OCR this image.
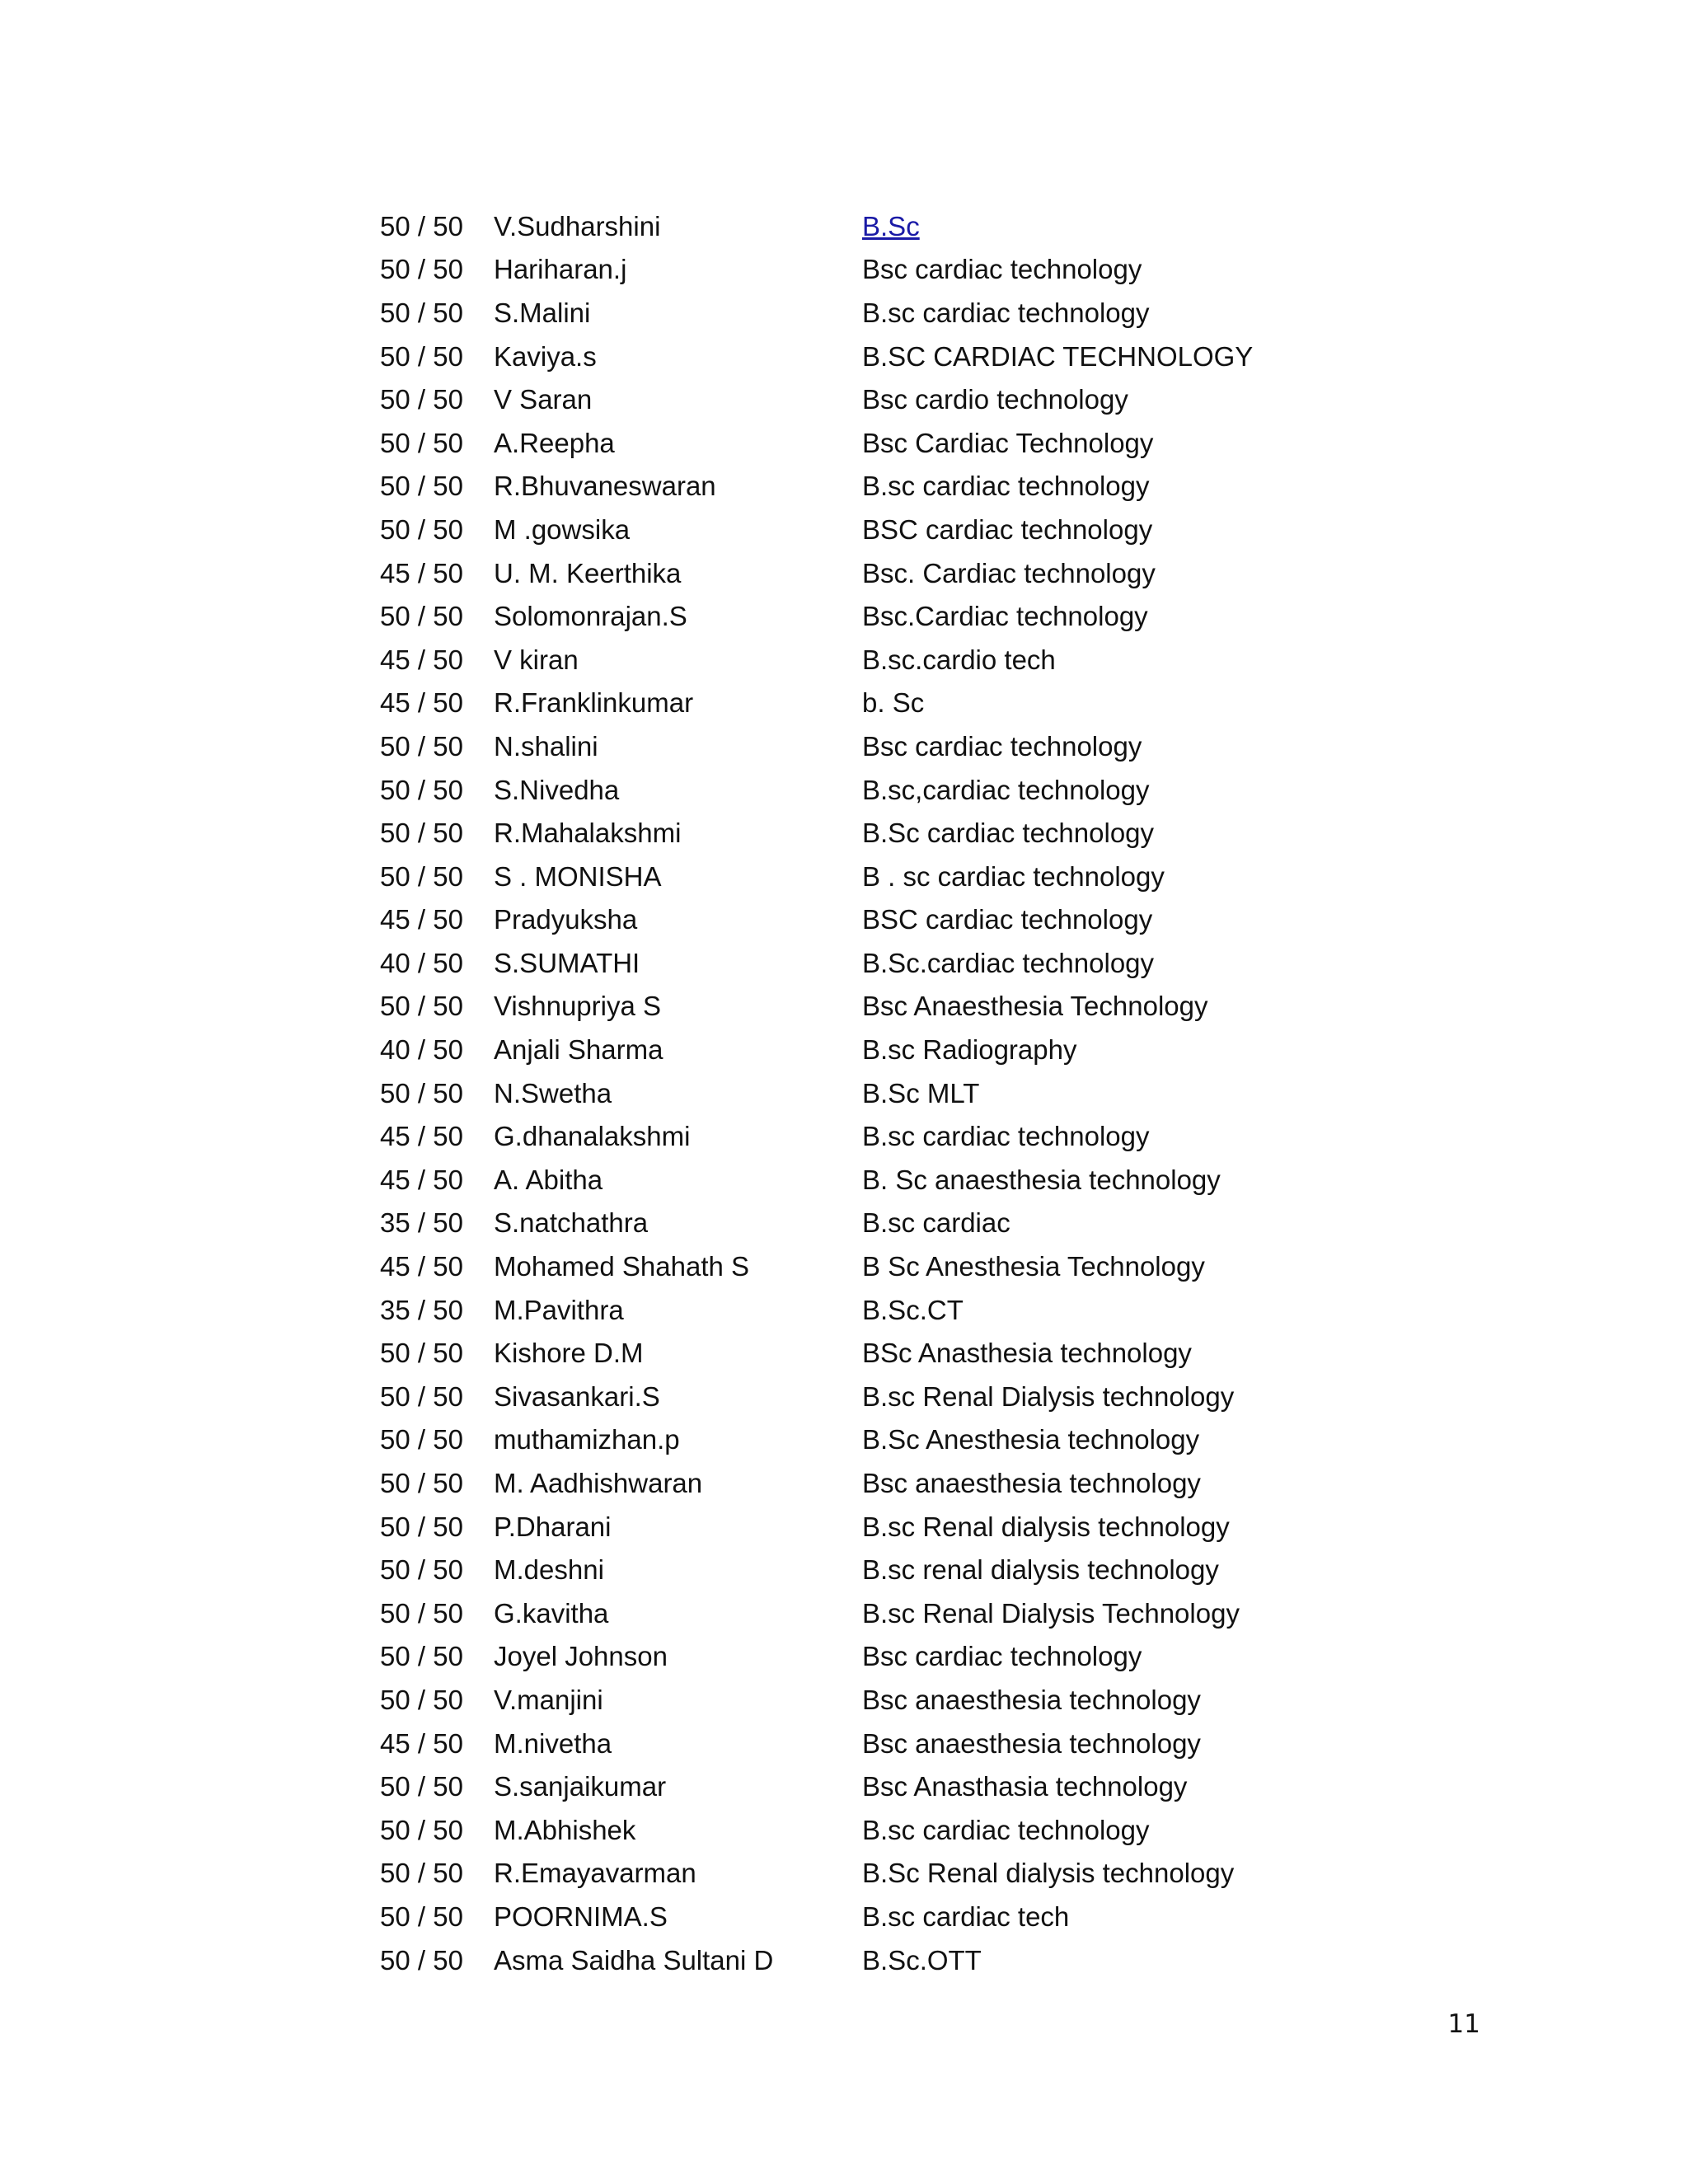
50 / 50	V.Sudharshini	B.Sc
50 / 50	Hariharan.j	Bsc cardiac technology
50 / 50	S.Malini	B.sc cardiac technology
50 / 50	Kaviya.s	B.SC CARDIAC TECHNOLOGY
50 / 50	V Saran	Bsc cardio technology
50 / 50	A.Reepha	Bsc Cardiac Technology
50 / 50	R.Bhuvaneswaran	B.sc cardiac technology
50 / 50	M .gowsika	BSC cardiac technology
45 / 50	U. M. Keerthika	Bsc. Cardiac technology
50 / 50	Solomonrajan.S	Bsc.Cardiac technology
45 / 50	V kiran	B.sc.cardio tech
45 / 50	R.Franklinkumar	b. Sc
50 / 50	N.shalini	Bsc cardiac technology
50 / 50	S.Nivedha	B.sc,cardiac technology
50 / 50	R.Mahalakshmi	B.Sc cardiac technology
50 / 50	S . MONISHA	B . sc cardiac technology
45 / 50	Pradyuksha	BSC cardiac technology
40 / 50	S.SUMATHI	B.Sc.cardiac technology
50 / 50	Vishnupriya S	Bsc Anaesthesia Technology
40 / 50	Anjali Sharma	B.sc Radiography
50 / 50	N.Swetha	B.Sc MLT
45 / 50	G.dhanalakshmi	B.sc cardiac technology
45 / 50	A. Abitha	B. Sc anaesthesia technology
35 / 50	S.natchathra	B.sc cardiac
45 / 50	Mohamed Shahath S	B Sc Anesthesia Technology
35 / 50	M.Pavithra	B.Sc.CT
50 / 50	Kishore D.M	BSc Anasthesia technology
50 / 50	Sivasankari.S	B.sc Renal Dialysis technology
50 / 50	muthamizhan.p	B.Sc Anesthesia technology
50 / 50	M. Aadhishwaran	Bsc anaesthesia technology
50 / 50	P.Dharani	B.sc Renal dialysis technology
50 / 50	M.deshni	B.sc renal dialysis technology
50 / 50	G.kavitha	B.sc Renal Dialysis Technology
50 / 50	Joyel Johnson	Bsc cardiac technology
50 / 50	V.manjini	Bsc anaesthesia technology
45 / 50	M.nivetha	Bsc anaesthesia technology
50 / 50	S.sanjaikumar	Bsc Anasthasia technology
50 / 50	M.Abhishek	B.sc cardiac technology
50 / 50	R.Emayavarman	B.Sc Renal dialysis technology
50 / 50	POORNIMA.S	B.sc cardiac tech
50 / 50	Asma Saidha Sultani D	B.Sc.OTT
11
